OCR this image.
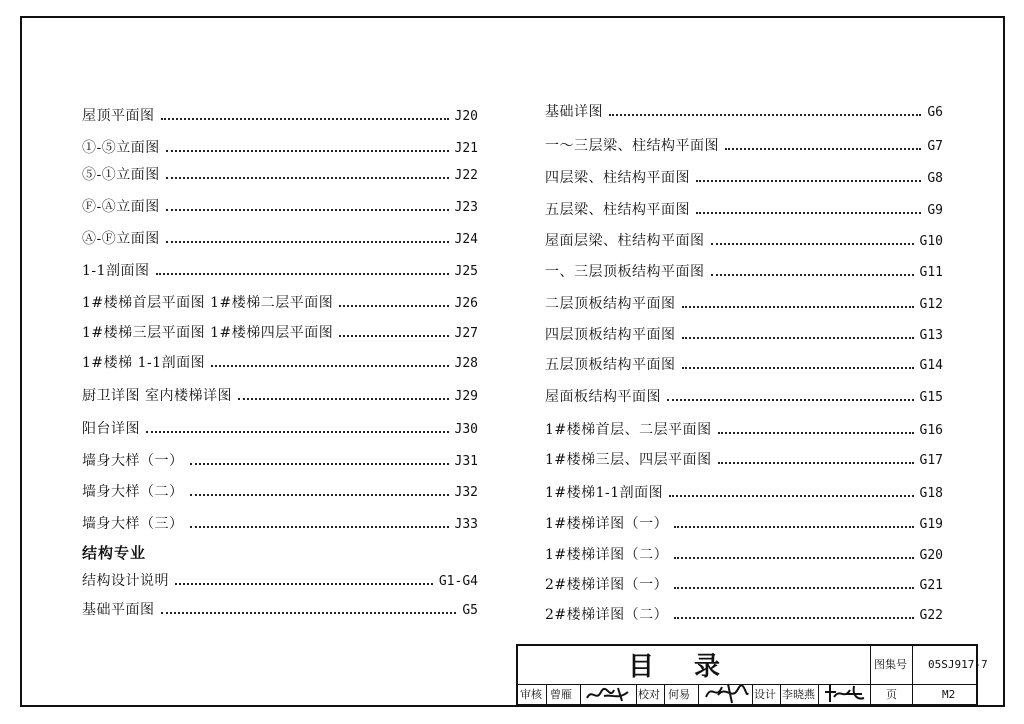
屋顶平面图	J20
①-⑤立面图	J21
⑤-①立面图	J22
Ⓕ-Ⓐ立面图	J23
Ⓐ-Ⓕ立面图	J24
1-1剖面图	J25
1#楼梯首层平面图 1#楼梯二层平面图	J26
1#楼梯三层平面图 1#楼梯四层平面图	J27
1#楼梯 1-1剖面图	J28
厨卫详图 室内楼梯详图	J29
阳台详图	J30
墙身大样（一）	J31
墙身大样（二）	J32
墙身大样（三）	J33
结构专业
结构设计说明	G1-G4
基础平面图	G5
基础详图	G6
一～三层梁、柱结构平面图	G7
四层梁、柱结构平面图	G8
五层梁、柱结构平面图	G9
屋面层梁、柱结构平面图	G10
一、三层顶板结构平面图	G11
二层顶板结构平面图	G12
四层顶板结构平面图	G13
五层顶板结构平面图	G14
屋面板结构平面图	G15
1#楼梯首层、二层平面图	G16
1#楼梯三层、四层平面图	G17
1#楼梯1-1剖面图	G18
1#楼梯详图（一）	G19
1#楼梯详图（二）	G20
2#楼梯详图（一）	G21
2#楼梯详图（二）	G22
目录	图集号 05SJ917-7
审核 曾雁	校对 何易	设计 李晓燕	页	M2
